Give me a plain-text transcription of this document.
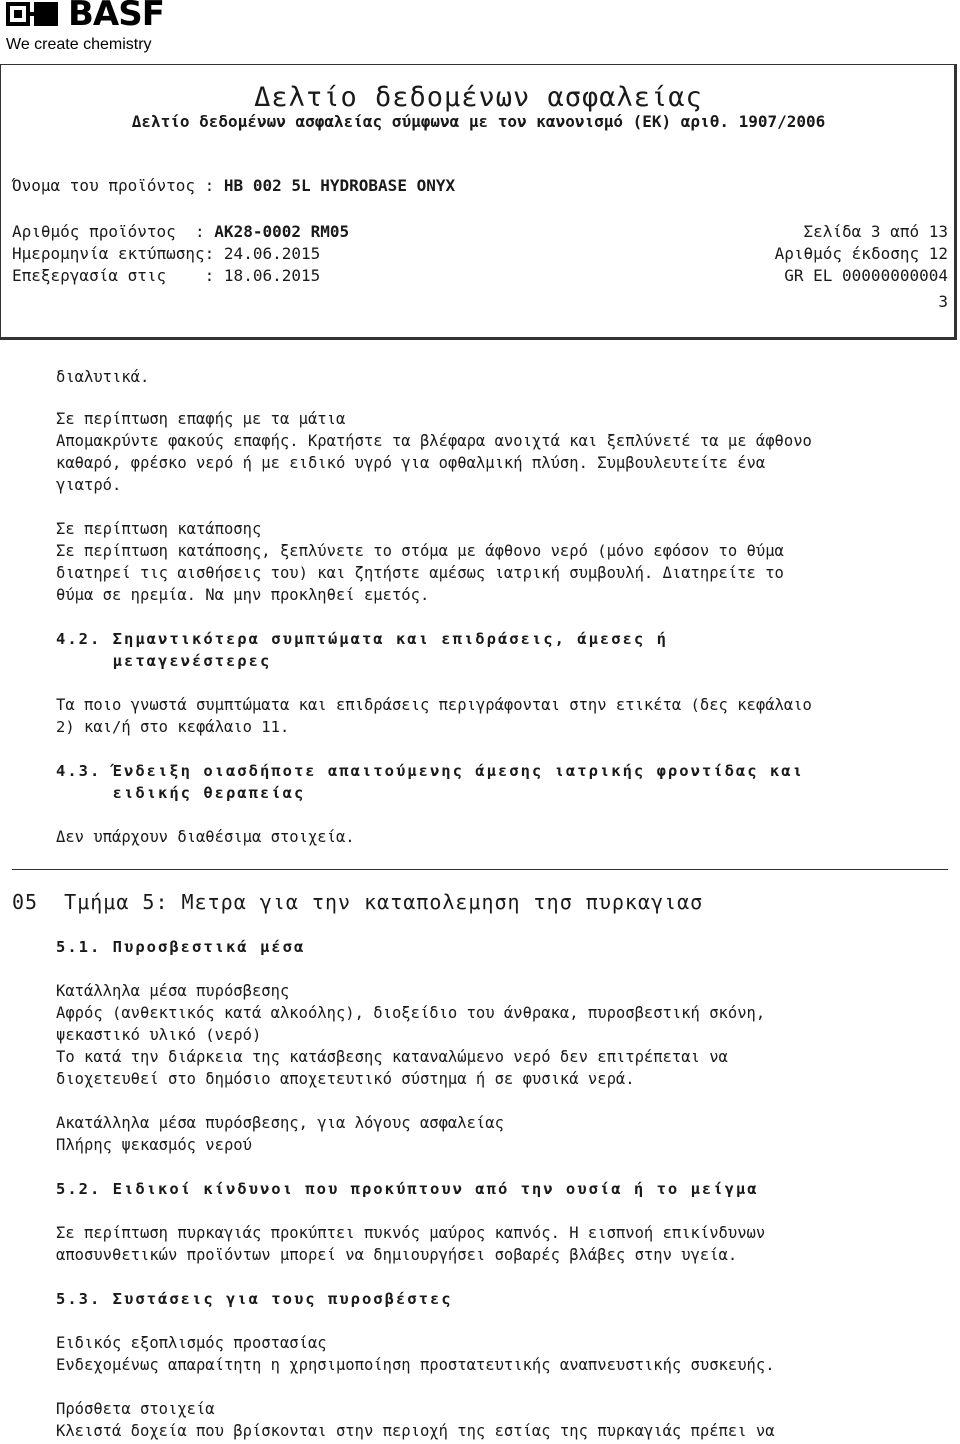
BASF
We create chemistry
Δελτίο δεδομένων ασφαλείας
Δελτίο δεδομένων ασφαλείας σύμφωνα με τον κανονισμό (ΕΚ) αριθ. 1907/2006
Όνομα του προϊόντος : HB 002 5L HYDROBASE ONYX
Αριθμός προϊόντος  : AK28-0002 RM05
Ημερομηνία εκτύπωσης: 24.06.2015
Επεξεργασία στις    : 18.06.2015
Σελίδα 3 από 13
Αριθμός έκδοσης 12
GR EL 00000000004
3
διαλυτικά.
Σε περίπτωση επαφής με τα μάτια
Απομακρύντε φακούς επαφής. Κρατήστε τα βλέφαρα ανοιχτά και ξεπλύνετέ τα με άφθονο
καθαρό, φρέσκο νερό ή με ειδικό υγρό για οφθαλμική πλύση. Συμβουλευτείτε ένα
γιατρό.
Σε περίπτωση κατάποσης
Σε περίπτωση κατάποσης, ξεπλύνετε το στόμα με άφθονο νερό (μόνο εφόσον το θύμα
διατηρεί τις αισθήσεις του) και ζητήστε αμέσως ιατρική συμβουλή. Διατηρείτε το
θύμα σε ηρεμία. Να μην προκληθεί εμετός.
4.2. Σημαντικότερα συμπτώματα και επιδράσεις, άμεσες ή
μεταγενέστερες
Τα ποιο γνωστά συμπτώματα και επιδράσεις περιγράφονται στην ετικέτα (δες κεφάλαιο
2) και/ή στο κεφάλαιο 11.
4.3. Ένδειξη οιασδήποτε απαιτούμενης άμεσης ιατρικής φροντίδας και
ειδικής θεραπείας
Δεν υπάρχουν διαθέσιμα στοιχεία.
05  Τμήμα 5: Μετρα για την καταπολεμηση τησ πυρκαγιασ
5.1. Πυροσβεστικά μέσα
Κατάλληλα μέσα πυρόσβεσης
Αφρός (ανθεκτικός κατά αλκοόλης), διοξείδιο του άνθρακα, πυροσβεστική σκόνη,
ψεκαστικό υλικό (νερό)
Το κατά την διάρκεια της κατάσβεσης καταναλώμενο νερό δεν επιτρέπεται να
διοχετευθεί στο δημόσιο αποχετευτικό σύστημα ή σε φυσικά νερά.
Ακατάλληλα μέσα πυρόσβεσης, για λόγους ασφαλείας
Πλήρης ψεκασμός νερού
5.2. Ειδικοί κίνδυνοι που προκύπτουν από την ουσία ή το μείγμα
Σε περίπτωση πυρκαγιάς προκύπτει πυκνός μαύρος καπνός. Η εισπνοή επικίνδυνων
αποσυνθετικών προϊόντων μπορεί να δημιουργήσει σοβαρές βλάβες στην υγεία.
5.3. Συστάσεις για τους πυροσβέστες
Ειδικός εξοπλισμός προστασίας
Ενδεχομένως απαραίτητη η χρησιμοποίηση προστατευτικής αναπνευστικής συσκευής.
Πρόσθετα στοιχεία
Κλειστά δοχεία που βρίσκονται στην περιοχή της εστίας της πυρκαγιάς πρέπει να
